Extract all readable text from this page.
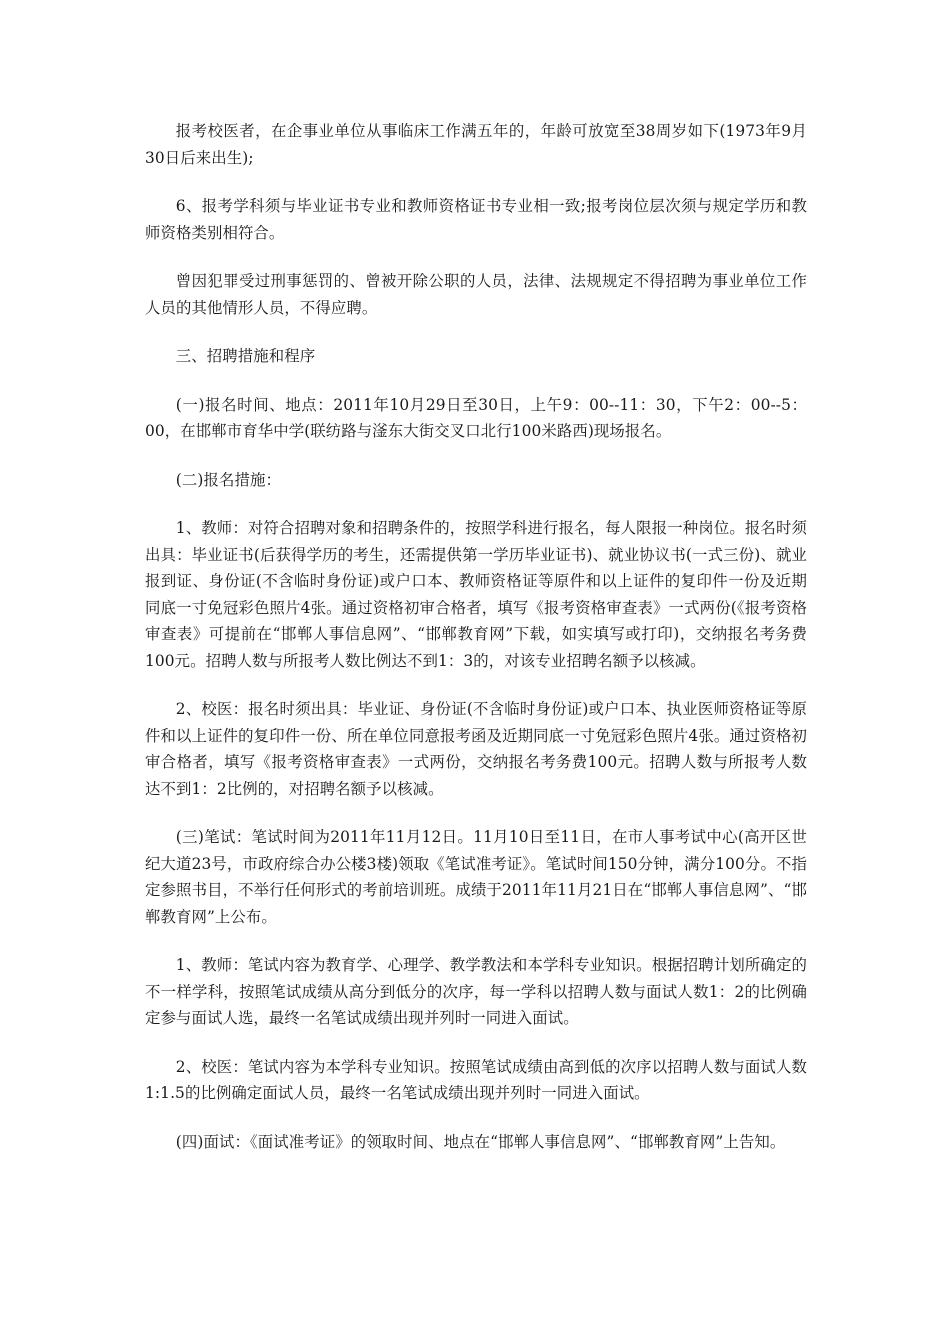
报考校医者，在企事业单位从事临床工作满五年的，年龄可放宽至38周岁如下(1973年9月30日后来出生);

6、报考学科须与毕业证书专业和教师资格证书专业相一致;报考岗位层次须与规定学历和教师资格类别相符合。

曾因犯罪受过刑事惩罚的、曾被开除公职的人员，法律、法规规定不得招聘为事业单位工作人员的其他情形人员，不得应聘。

三、招聘措施和程序

(一)报名时间、地点：2011年10月29日至30日，上午9：00--11：30，下午2：00--5：00，在邯郸市育华中学(联纺路与滏东大街交叉口北行100米路西)现场报名。

(二)报名措施：

1、教师：对符合招聘对象和招聘条件的，按照学科进行报名，每人限报一种岗位。报名时须出具：毕业证书(后获得学历的考生，还需提供第一学历毕业证书)、就业协议书(一式三份)、就业报到证、身份证(不含临时身份证)或户口本、教师资格证等原件和以上证件的复印件一份及近期同底一寸免冠彩色照片4张。通过资格初审合格者，填写《报考资格审查表》一式两份(《报考资格审查表》可提前在“邯郸人事信息网”、“邯郸教育网”下载，如实填写或打印)，交纳报名考务费100元。招聘人数与所报考人数比例达不到1：3的，对该专业招聘名额予以核减。

2、校医：报名时须出具：毕业证、身份证(不含临时身份证)或户口本、执业医师资格证等原件和以上证件的复印件一份、所在单位同意报考函及近期同底一寸免冠彩色照片4张。通过资格初审合格者，填写《报考资格审查表》一式两份，交纳报名考务费100元。招聘人数与所报考人数达不到1：2比例的，对招聘名额予以核减。

(三)笔试：笔试时间为2011年11月12日。11月10日至11日，在市人事考试中心(高开区世纪大道23号，市政府综合办公楼3楼)领取《笔试准考证》。笔试时间150分钟，满分100分。不指定参照书目，不举行任何形式的考前培训班。成绩于2011年11月21日在“邯郸人事信息网”、“邯郸教育网”上公布。

1、教师：笔试内容为教育学、心理学、教学教法和本学科专业知识。根据招聘计划所确定的不一样学科，按照笔试成绩从高分到低分的次序，每一学科以招聘人数与面试人数1：2的比例确定参与面试人选，最终一名笔试成绩出现并列时一同进入面试。

2、校医：笔试内容为本学科专业知识。按照笔试成绩由高到低的次序以招聘人数与面试人数1:1.5的比例确定面试人员，最终一名笔试成绩出现并列时一同进入面试。

(四)面试：《面试准考证》的领取时间、地点在“邯郸人事信息网”、“邯郸教育网”上告知。
